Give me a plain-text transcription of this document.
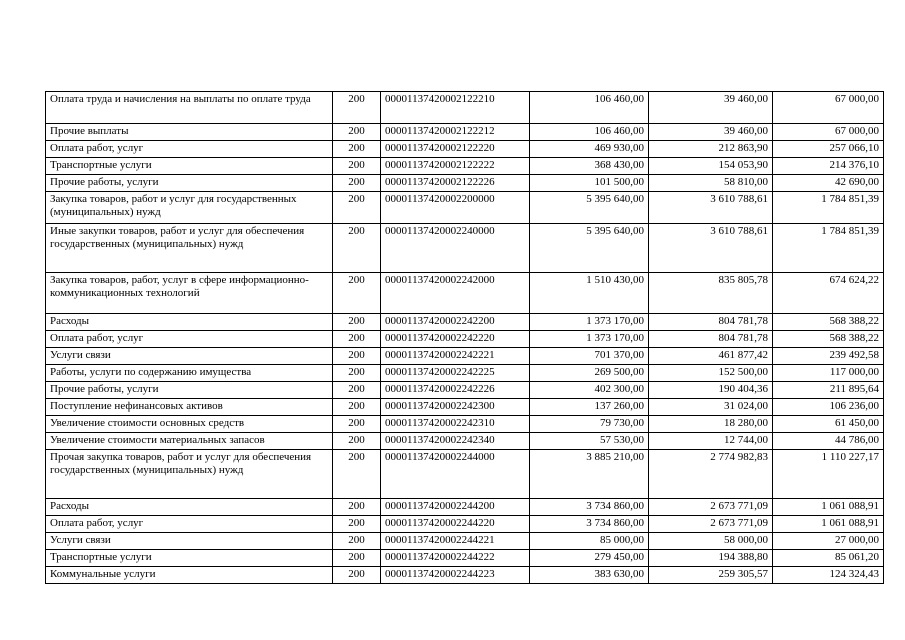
Оплата труда и начисления на выплаты по оплате труда	200	00001137420002122210	106 460,00	39 460,00	67 000,00
Прочие выплаты	200	00001137420002122212	106 460,00	39 460,00	67 000,00
Оплата работ, услуг	200	00001137420002122220	469 930,00	212 863,90	257 066,10
Транспортные услуги	200	00001137420002122222	368 430,00	154 053,90	214 376,10
Прочие работы, услуги	200	00001137420002122226	101 500,00	58 810,00	42 690,00
Закупка товаров, работ и услуг для государственных (муниципальных) нужд	200	00001137420002200000	5 395 640,00	3 610 788,61	1 784 851,39
Иные закупки товаров, работ и услуг для обеспечения государственных (муниципальных) нужд	200	00001137420002240000	5 395 640,00	3 610 788,61	1 784 851,39
Закупка товаров, работ, услуг в сфере информационно-коммуникационных технологий	200	00001137420002242000	1 510 430,00	835 805,78	674 624,22
Расходы	200	00001137420002242200	1 373 170,00	804 781,78	568 388,22
Оплата работ, услуг	200	00001137420002242220	1 373 170,00	804 781,78	568 388,22
Услуги связи	200	00001137420002242221	701 370,00	461 877,42	239 492,58
Работы, услуги по содержанию имущества	200	00001137420002242225	269 500,00	152 500,00	117 000,00
Прочие работы, услуги	200	00001137420002242226	402 300,00	190 404,36	211 895,64
Поступление нефинансовых активов	200	00001137420002242300	137 260,00	31 024,00	106 236,00
Увеличение стоимости основных средств	200	00001137420002242310	79 730,00	18 280,00	61 450,00
Увеличение стоимости материальных запасов	200	00001137420002242340	57 530,00	12 744,00	44 786,00
Прочая закупка товаров, работ и услуг для обеспечения государственных (муниципальных) нужд	200	00001137420002244000	3 885 210,00	2 774 982,83	1 110 227,17
Расходы	200	00001137420002244200	3 734 860,00	2 673 771,09	1 061 088,91
Оплата работ, услуг	200	00001137420002244220	3 734 860,00	2 673 771,09	1 061 088,91
Услуги связи	200	00001137420002244221	85 000,00	58 000,00	27 000,00
Транспортные услуги	200	00001137420002244222	279 450,00	194 388,80	85 061,20
Коммунальные услуги	200	00001137420002244223	383 630,00	259 305,57	124 324,43
